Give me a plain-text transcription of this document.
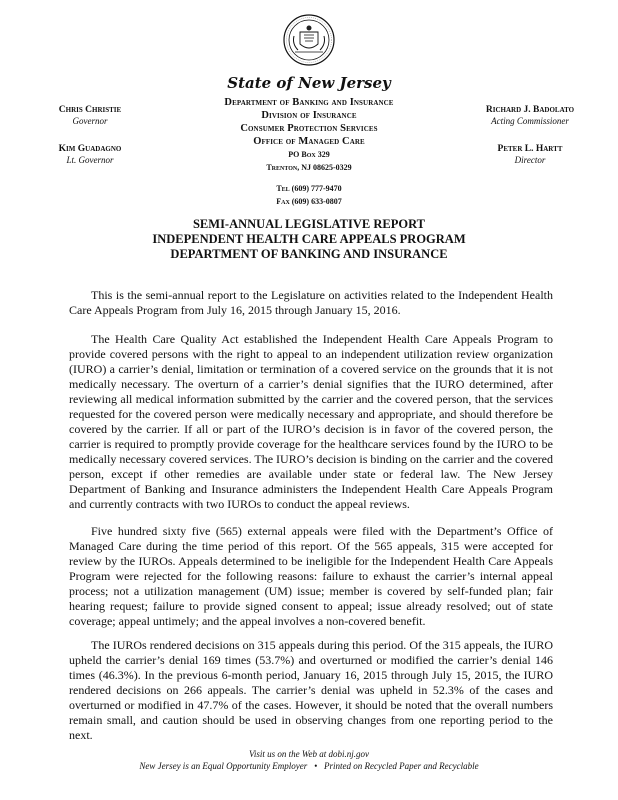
State of New Jersey
Department of Banking and Insurance
Division of Insurance
Consumer Protection Services
Office of Managed Care
PO Box 329
Trenton, NJ 08625-0329
Tel (609) 777-9470
Fax (609) 633-0807
Chris Christie
Governor
Kim Guadagno
Lt. Governor
Richard J. Badolato
Acting Commissioner
Peter L. Hartt
Director
SEMI-ANNUAL LEGISLATIVE REPORT
INDEPENDENT HEALTH CARE APPEALS PROGRAM
DEPARTMENT OF BANKING AND INSURANCE

This is the semi-annual report to the Legislature on activities related to the Independent Health Care Appeals Program from July 16, 2015 through January 15, 2016.

The Health Care Quality Act established the Independent Health Care Appeals Program to provide covered persons with the right to appeal to an independent utilization review organization (IURO) a carrier’s denial, limitation or termination of a covered service on the grounds that it is not medically necessary. The overturn of a carrier’s denial signifies that the IURO determined, after reviewing all medical information submitted by the carrier and the covered person, that the services requested for the covered person were medically necessary and appropriate, and should therefore be covered by the carrier. If all or part of the IURO’s decision is in favor of the covered person, the carrier is required to promptly provide coverage for the healthcare services found by the IURO to be medically necessary covered services. The IURO’s decision is binding on the carrier and the covered person, except if other remedies are available under state or federal law. The New Jersey Department of Banking and Insurance administers the Independent Health Care Appeals Program and currently contracts with two IUROs to conduct the appeal reviews.

Five hundred sixty five (565) external appeals were filed with the Department’s Office of Managed Care during the time period of this report. Of the 565 appeals, 315 were accepted for review by the IUROs. Appeals determined to be ineligible for the Independent Health Care Appeals Program were rejected for the following reasons: failure to exhaust the carrier’s internal appeal process; not a utilization management (UM) issue; member is covered by self-funded plan; fair hearing request; failure to provide signed consent to appeal; issue already resolved; out of state coverage; appeal untimely; and the appeal involves a non-covered benefit.

The IUROs rendered decisions on 315 appeals during this period. Of the 315 appeals, the IURO upheld the carrier’s denial 169 times (53.7%) and overturned or modified the carrier’s denial 146 times (46.3%). In the previous 6-month period, January 16, 2015 through July 15, 2015, the IURO rendered decisions on 266 appeals. The carrier’s denial was upheld in 52.3% of the cases and overturned or modified in 47.7% of the cases. However, it should be noted that the overall numbers remain small, and caution should be used in observing changes from one reporting period to the next.

Visit us on the Web at dobi.nj.gov
New Jersey is an Equal Opportunity Employer • Printed on Recycled Paper and Recyclable
